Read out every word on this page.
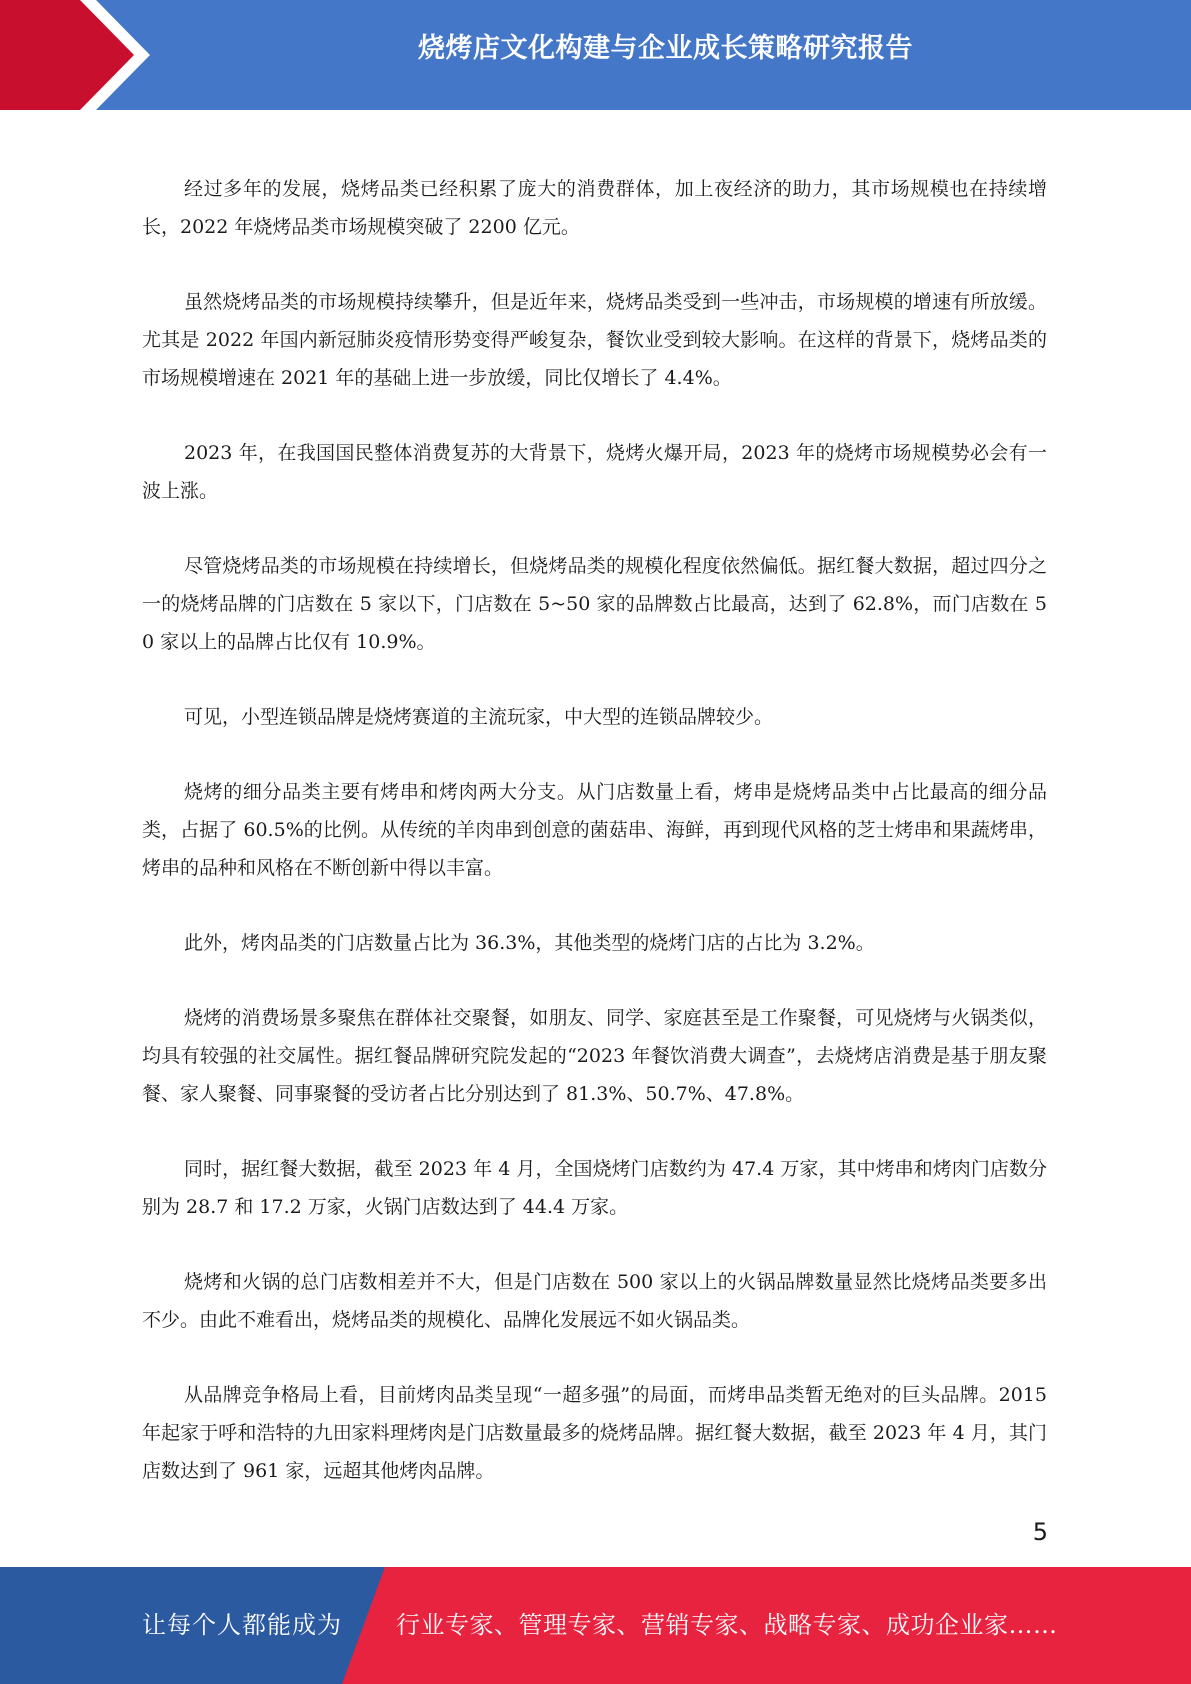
烧烤店文化构建与企业成长策略研究报告

经过多年的发展，烧烤品类已经积累了庞大的消费群体，加上夜经济的助力，其市场规模也在持续增长，2022 年烧烤品类市场规模突破了 2200 亿元。

虽然烧烤品类的市场规模持续攀升，但是近年来，烧烤品类受到一些冲击，市场规模的增速有所放缓。尤其是 2022 年国内新冠肺炎疫情形势变得严峻复杂，餐饮业受到较大影响。在这样的背景下，烧烤品类的市场规模增速在 2021 年的基础上进一步放缓，同比仅增长了 4.4%。

2023 年，在我国国民整体消费复苏的大背景下，烧烤火爆开局，2023 年的烧烤市场规模势必会有一波上涨。

尽管烧烤品类的市场规模在持续增长，但烧烤品类的规模化程度依然偏低。据红餐大数据，超过四分之一的烧烤品牌的门店数在 5 家以下，门店数在 5~50 家的品牌数占比最高，达到了 62.8%，而门店数在 50 家以上的品牌占比仅有 10.9%。

可见，小型连锁品牌是烧烤赛道的主流玩家，中大型的连锁品牌较少。

烧烤的细分品类主要有烤串和烤肉两大分支。从门店数量上看，烤串是烧烤品类中占比最高的细分品类，占据了 60.5%的比例。从传统的羊肉串到创意的菌菇串、海鲜，再到现代风格的芝士烤串和果蔬烤串，烤串的品种和风格在不断创新中得以丰富。

此外，烤肉品类的门店数量占比为 36.3%，其他类型的烧烤门店的占比为 3.2%。

烧烤的消费场景多聚焦在群体社交聚餐，如朋友、同学、家庭甚至是工作聚餐，可见烧烤与火锅类似，均具有较强的社交属性。据红餐品牌研究院发起的“2023 年餐饮消费大调查”，去烧烤店消费是基于朋友聚餐、家人聚餐、同事聚餐的受访者占比分别达到了 81.3%、50.7%、47.8%。

同时，据红餐大数据，截至 2023 年 4 月，全国烧烤门店数约为 47.4 万家，其中烤串和烤肉门店数分别为 28.7 和 17.2 万家，火锅门店数达到了 44.4 万家。

烧烤和火锅的总门店数相差并不大，但是门店数在 500 家以上的火锅品牌数量显然比烧烤品类要多出不少。由此不难看出，烧烤品类的规模化、品牌化发展远不如火锅品类。

从品牌竞争格局上看，目前烤肉品类呈现“一超多强”的局面，而烤串品类暂无绝对的巨头品牌。2015 年起家于呼和浩特的九田家料理烤肉是门店数量最多的烧烤品牌。据红餐大数据，截至 2023 年 4 月，其门店数达到了 961 家，远超其他烤肉品牌。

5
让每个人都能成为 行业专家、管理专家、营销专家、战略专家、成功企业家……
